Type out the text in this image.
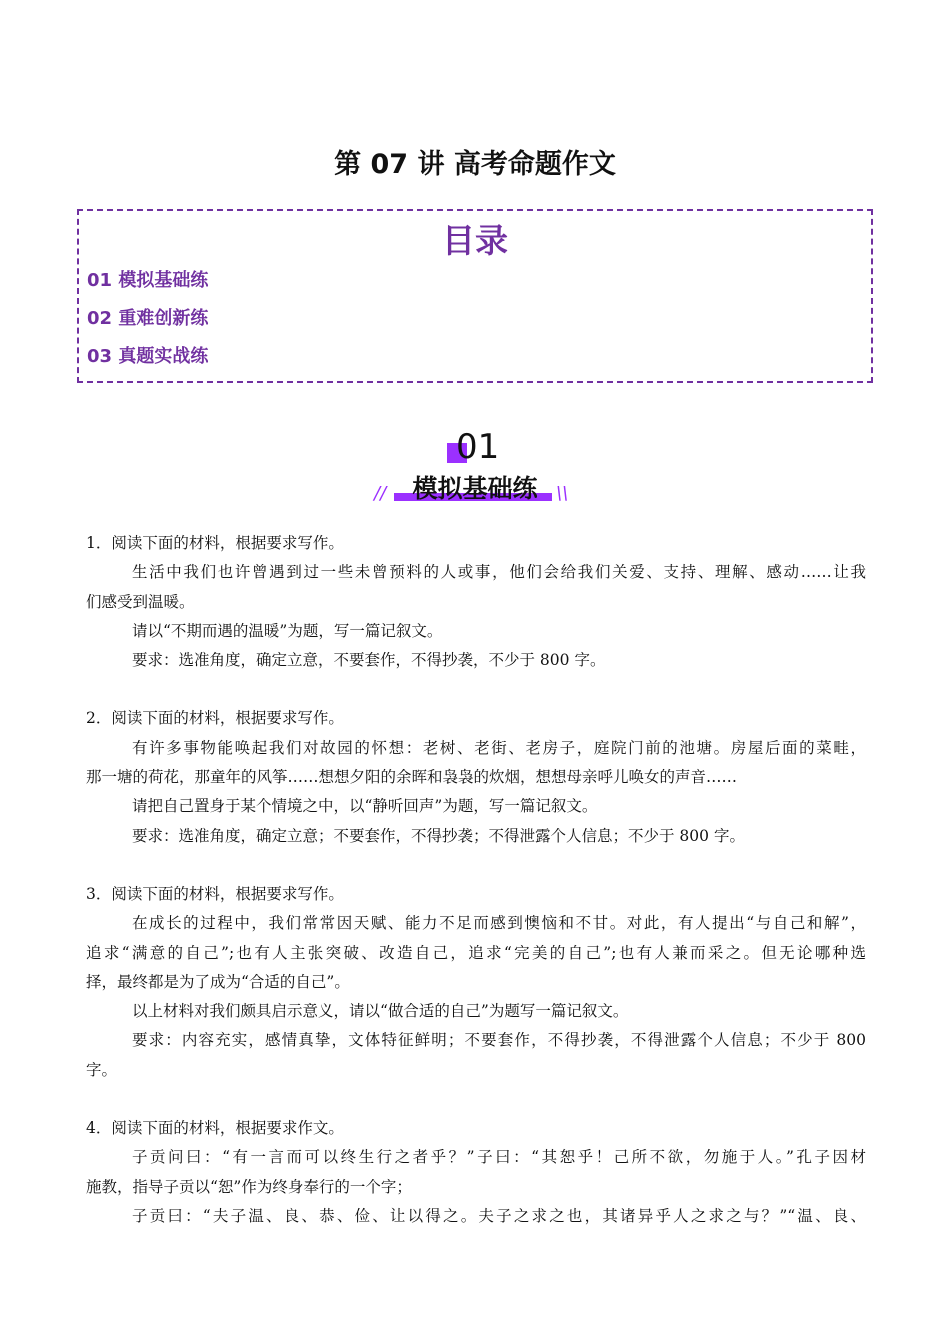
第 07 讲 高考命题作文
目录
01 模拟基础练
02 重难创新练
03 真题实战练
01
模拟基础练
//	\\
1．阅读下面的材料，根据要求写作。
生活中我们也许曾遇到过一些未曾预料的人或事，他们会给我们关爱、支持、理解、感动……让我
们感受到温暖。
请以“不期而遇的温暖”为题，写一篇记叙文。
要求：选准角度，确定立意，不要套作，不得抄袭，不少于 800 字。
2．阅读下面的材料，根据要求写作。
有许多事物能唤起我们对故园的怀想：老树、老街、老房子，庭院门前的池塘。房屋后面的菜畦，
那一塘的荷花，那童年的风筝……想想夕阳的余晖和袅袅的炊烟，想想母亲呼儿唤女的声音……
请把自己置身于某个情境之中，以“静听回声”为题，写一篇记叙文。
要求：选准角度，确定立意；不要套作，不得抄袭；不得泄露个人信息；不少于 800 字。
3．阅读下面的材料，根据要求写作。
在成长的过程中，我们常常因天赋、能力不足而感到懊恼和不甘。对此，有人提出“与自己和解”，
追求“满意的自己”;也有人主张突破、改造自己，追求“完美的自己”;也有人兼而采之。但无论哪种选
择，最终都是为了成为“合适的自己”。
以上材料对我们颇具启示意义，请以“做合适的自己”为题写一篇记叙文。
要求：内容充实，感情真挚，文体特征鲜明；不要套作，不得抄袭，不得泄露个人信息；不少于 800
字。
4．阅读下面的材料，根据要求作文。
子贡问曰：“有一言而可以终生行之者乎？”子曰：“其恕乎！己所不欲，勿施于人。”孔子因材
施教，指导子贡以“恕”作为终身奉行的一个字；
子贡曰：“夫子温、良、恭、俭、让以得之。夫子之求之也，其诸异乎人之求之与？”“温、良、
